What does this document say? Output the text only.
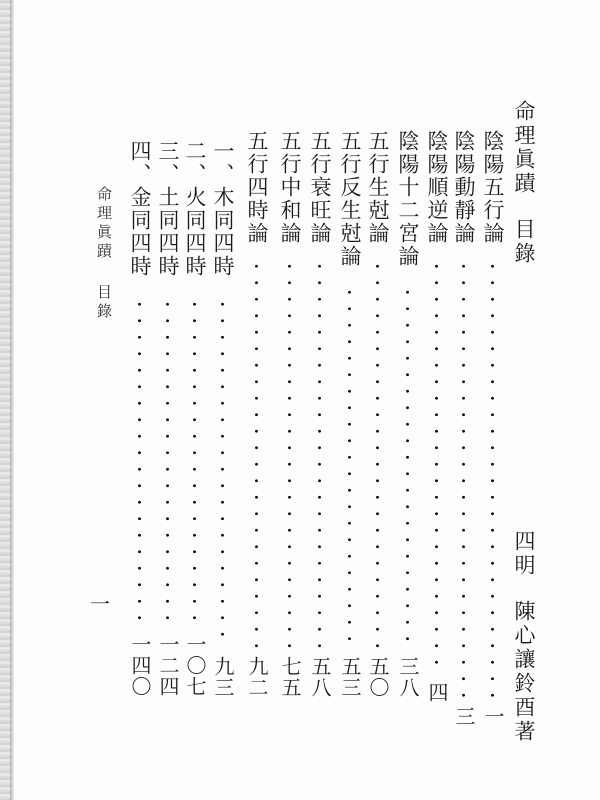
命理眞蹟目錄
四明陳心讓鈴酉著
陰陽五行論
一
陰陽動靜論
三
陰陽順逆論
四
陰陽十二宮論
三八
五行生尅論
五〇
五行反生尅論
五三
五行衰旺論
五八
五行中和論
七五
五行四時論
九二
一、木同四時
九三
二、火同四時
一〇七
三、土同四時
一二四
四、金同四時
一四〇
命理眞蹟目錄
一
